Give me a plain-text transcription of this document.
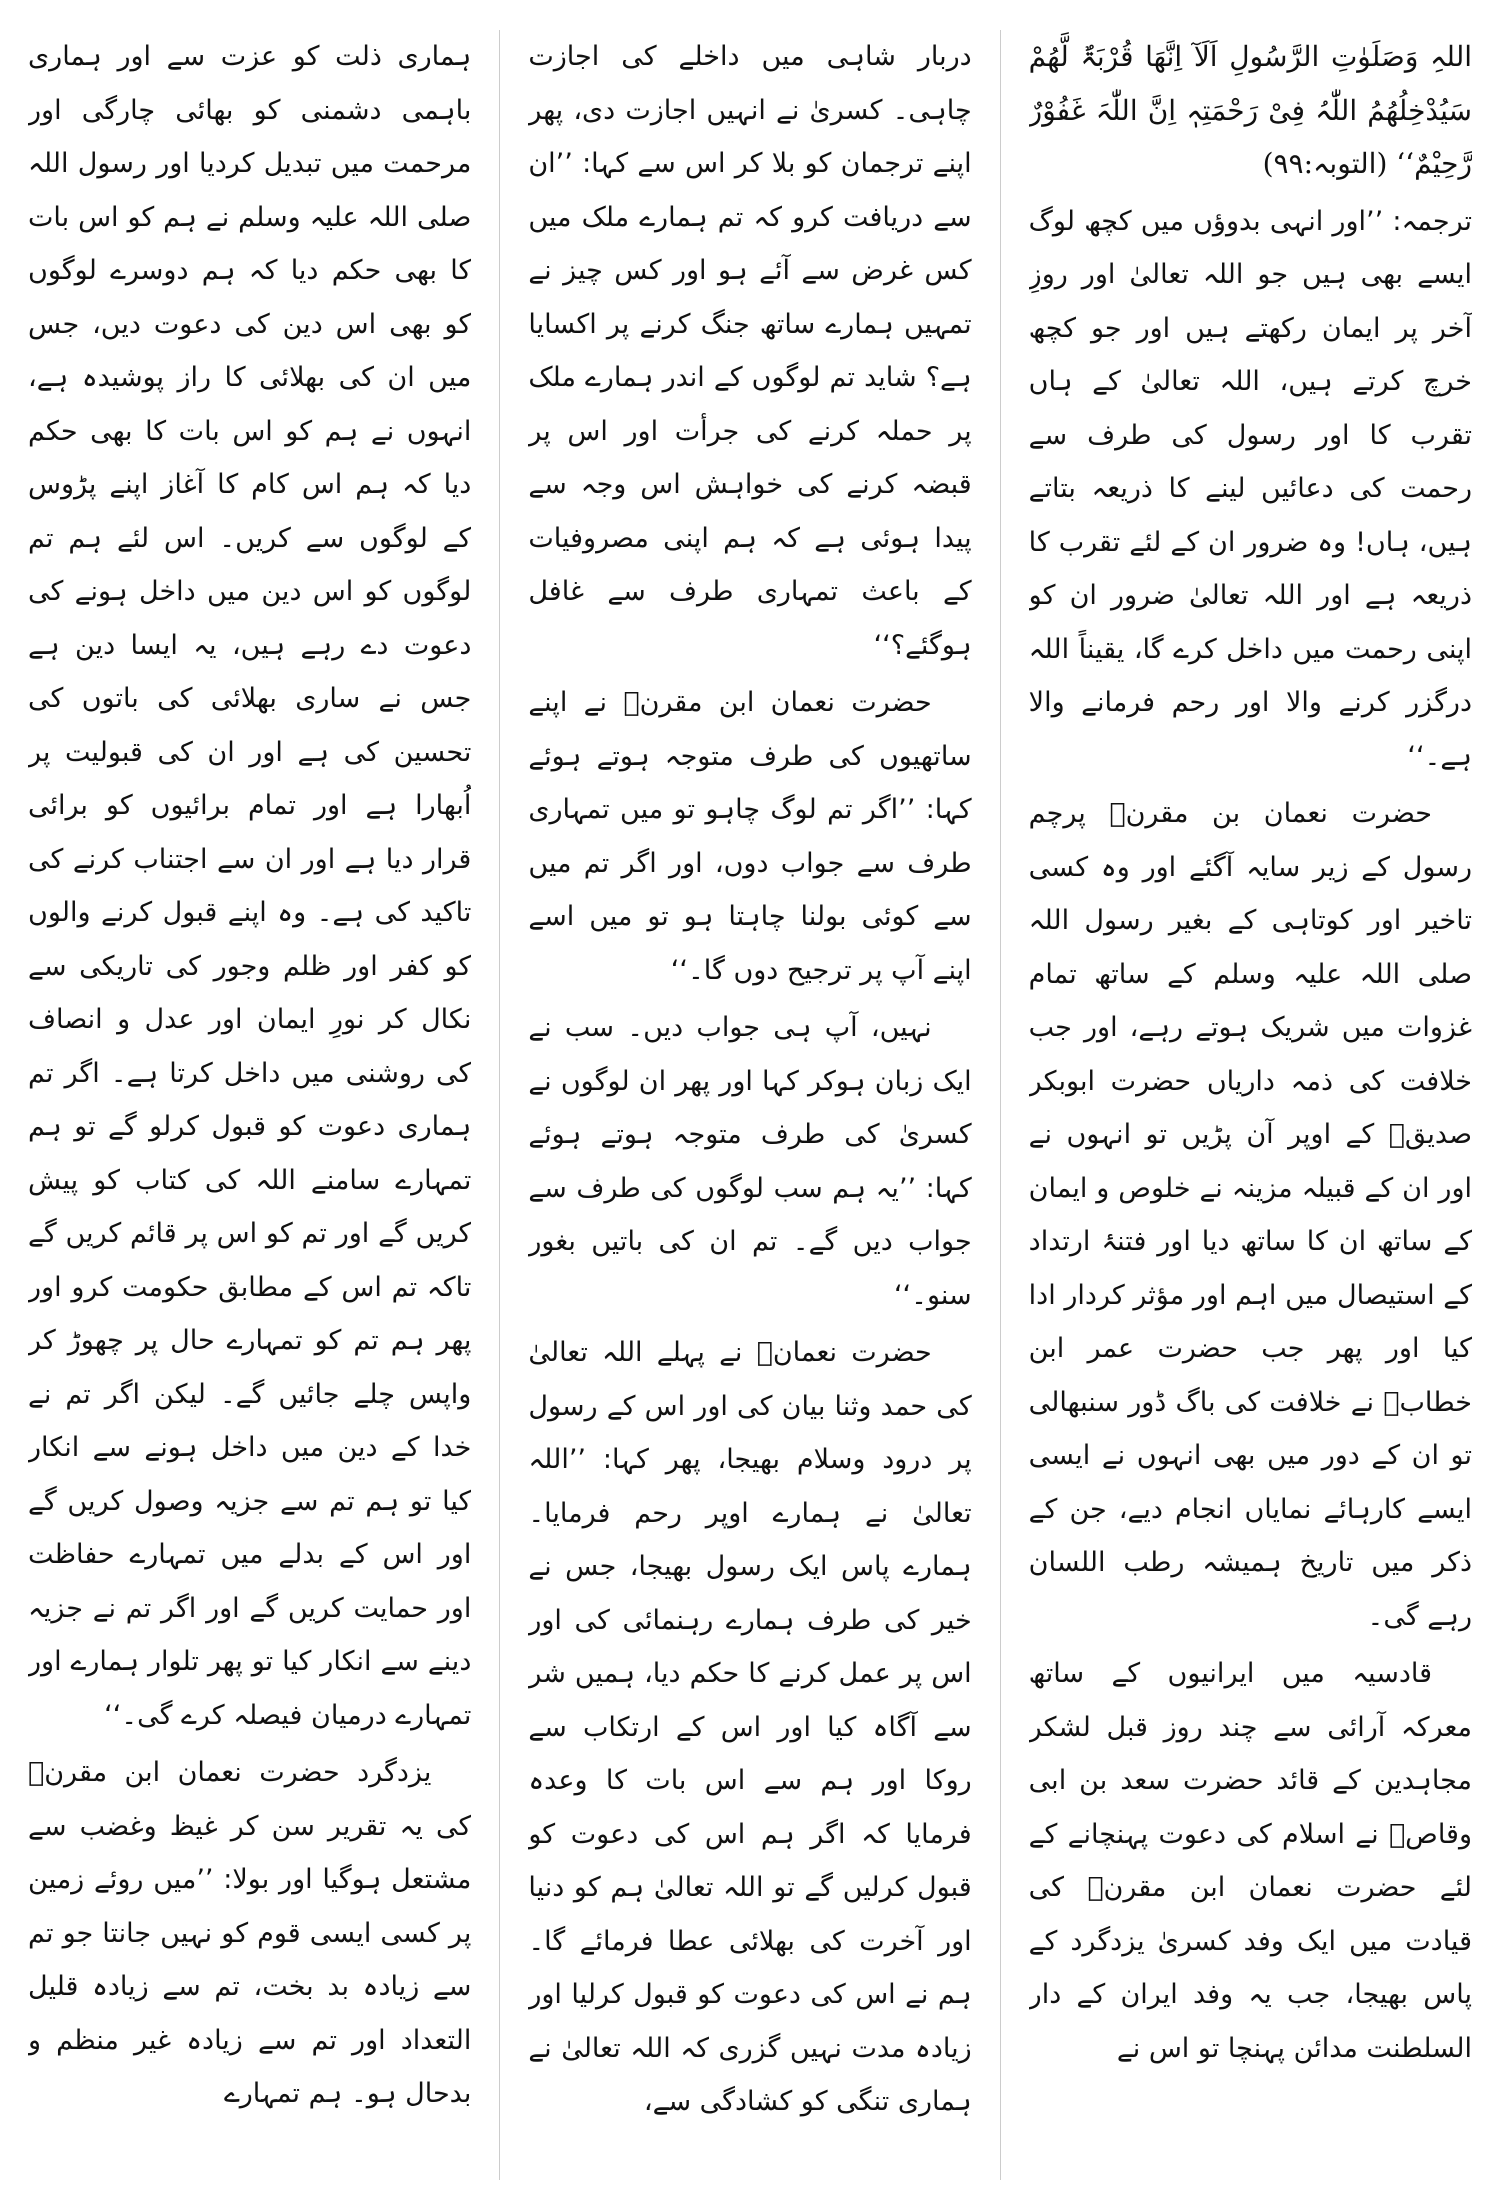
اللہِ وَصَلَوٰتِ الرَّسُولِ اَلَآ اِنَّھَا قُرْبَۃٌ لَّھُمْ سَیُدْخِلُھُمُ اللّٰہُ فِیْ رَحْمَتِہٖ اِنَّ اللّٰہَ غَفُوْرٌ رَّحِیْمٌ‘‘ (التوبہ:۹۹)

ترجمہ: ’’اور انہی بدوؤں میں کچھ لوگ ایسے بھی ہیں جو اللہ تعالیٰ اور روزِ آخر پر ایمان رکھتے ہیں اور جو کچھ خرچ کرتے ہیں، اللہ تعالیٰ کے ہاں تقرب کا اور رسول کی طرف سے رحمت کی دعائیں لینے کا ذریعہ بتاتے ہیں، ہاں! وہ ضرور ان کے لئے تقرب کا ذریعہ ہے اور اللہ تعالیٰ ضرور ان کو اپنی رحمت میں داخل کرے گا، یقیناً اللہ درگزر کرنے والا اور رحم فرمانے والا ہے۔‘‘

حضرت نعمان بن مقرنؓ پرچم رسول کے زیر سایہ آگئے اور وہ کسی تاخیر اور کوتاہی کے بغیر رسول اللہ صلی اللہ علیہ وسلم کے ساتھ تمام غزوات میں شریک ہوتے رہے، اور جب خلافت کی ذمہ داریاں حضرت ابوبکر صدیقؓ کے اوپر آن پڑیں تو انہوں نے اور ان کے قبیلہ مزینہ نے خلوص و ایمان کے ساتھ ان کا ساتھ دیا اور فتنۂ ارتداد کے استیصال میں اہم اور مؤثر کردار ادا کیا اور پھر جب حضرت عمر ابن خطابؓ نے خلافت کی باگ ڈور سنبھالی تو ان کے دور میں بھی انہوں نے ایسی ایسے کارہائے نمایاں انجام دیے، جن کے ذکر میں تاریخ ہمیشہ رطب اللسان رہے گی۔

قادسیہ میں ایرانیوں کے ساتھ معرکہ آرائی سے چند روز قبل لشکر مجاہدین کے قائد حضرت سعد بن ابی وقاصؓ نے اسلام کی دعوت پہنچانے کے لئے حضرت نعمان ابن مقرنؓ کی قیادت میں ایک وفد کسریٰ یزدگرد کے پاس بھیجا، جب یہ وفد ایران کے دار السلطنت مدائن پہنچا تو اس نے

دربار شاہی میں داخلے کی اجازت چاہی۔ کسریٰ نے انہیں اجازت دی، پھر اپنے ترجمان کو بلا کر اس سے کہا: ’’ان سے دریافت کرو کہ تم ہمارے ملک میں کس غرض سے آئے ہو اور کس چیز نے تمہیں ہمارے ساتھ جنگ کرنے پر اکسایا ہے؟ شاید تم لوگوں کے اندر ہمارے ملک پر حملہ کرنے کی جرأت اور اس پر قبضہ کرنے کی خواہش اس وجہ سے پیدا ہوئی ہے کہ ہم اپنی مصروفیات کے باعث تمہاری طرف سے غافل ہوگئے؟‘‘

حضرت نعمان ابن مقرنؓ نے اپنے ساتھیوں کی طرف متوجہ ہوتے ہوئے کہا: ’’اگر تم لوگ چاہو تو میں تمہاری طرف سے جواب دوں، اور اگر تم میں سے کوئی بولنا چاہتا ہو تو میں اسے اپنے آپ پر ترجیح دوں گا۔‘‘

نہیں، آپ ہی جواب دیں۔ سب نے ایک زبان ہوکر کہا اور پھر ان لوگوں نے کسریٰ کی طرف متوجہ ہوتے ہوئے کہا: ’’یہ ہم سب لوگوں کی طرف سے جواب دیں گے۔ تم ان کی باتیں بغور سنو۔‘‘

حضرت نعمانؓ نے پہلے اللہ تعالیٰ کی حمد وثنا بیان کی اور اس کے رسول پر درود وسلام بھیجا، پھر کہا: ’’اللہ تعالیٰ نے ہمارے اوپر رحم فرمایا۔ ہمارے پاس ایک رسول بھیجا، جس نے خیر کی طرف ہمارے رہنمائی کی اور اس پر عمل کرنے کا حکم دیا، ہمیں شر سے آگاہ کیا اور اس کے ارتکاب سے روکا اور ہم سے اس بات کا وعدہ فرمایا کہ اگر ہم اس کی دعوت کو قبول کرلیں گے تو اللہ تعالیٰ ہم کو دنیا اور آخرت کی بھلائی عطا فرمائے گا۔ ہم نے اس کی دعوت کو قبول کرلیا اور زیادہ مدت نہیں گزری کہ اللہ تعالیٰ نے ہماری تنگی کو کشادگی سے،

ہماری ذلت کو عزت سے اور ہماری باہمی دشمنی کو بھائی چارگی اور مرحمت میں تبدیل کردیا اور رسول اللہ صلی اللہ علیہ وسلم نے ہم کو اس بات کا بھی حکم دیا کہ ہم دوسرے لوگوں کو بھی اس دین کی دعوت دیں، جس میں ان کی بھلائی کا راز پوشیدہ ہے، انہوں نے ہم کو اس بات کا بھی حکم دیا کہ ہم اس کام کا آغاز اپنے پڑوس کے لوگوں سے کریں۔ اس لئے ہم تم لوگوں کو اس دین میں داخل ہونے کی دعوت دے رہے ہیں، یہ ایسا دین ہے جس نے ساری بھلائی کی باتوں کی تحسین کی ہے اور ان کی قبولیت پر اُبھارا ہے اور تمام برائیوں کو برائی قرار دیا ہے اور ان سے اجتناب کرنے کی تاکید کی ہے۔ وہ اپنے قبول کرنے والوں کو کفر اور ظلم وجور کی تاریکی سے نکال کر نورِ ایمان اور عدل و انصاف کی روشنی میں داخل کرتا ہے۔ اگر تم ہماری دعوت کو قبول کرلو گے تو ہم تمہارے سامنے اللہ کی کتاب کو پیش کریں گے اور تم کو اس پر قائم کریں گے تاکہ تم اس کے مطابق حکومت کرو اور پھر ہم تم کو تمہارے حال پر چھوڑ کر واپس چلے جائیں گے۔ لیکن اگر تم نے خدا کے دین میں داخل ہونے سے انکار کیا تو ہم تم سے جزیہ وصول کریں گے اور اس کے بدلے میں تمہارے حفاظت اور حمایت کریں گے اور اگر تم نے جزیہ دینے سے انکار کیا تو پھر تلوار ہمارے اور تمہارے درمیان فیصلہ کرے گی۔‘‘

یزدگرد حضرت نعمان ابن مقرنؓ کی یہ تقریر سن کر غیظ وغضب سے مشتعل ہوگیا اور بولا: ’’میں روئے زمین پر کسی ایسی قوم کو نہیں جانتا جو تم سے زیادہ بد بخت، تم سے زیادہ قلیل التعداد اور تم سے زیادہ غیر منظم و بدحال ہو۔ ہم تمہارے
